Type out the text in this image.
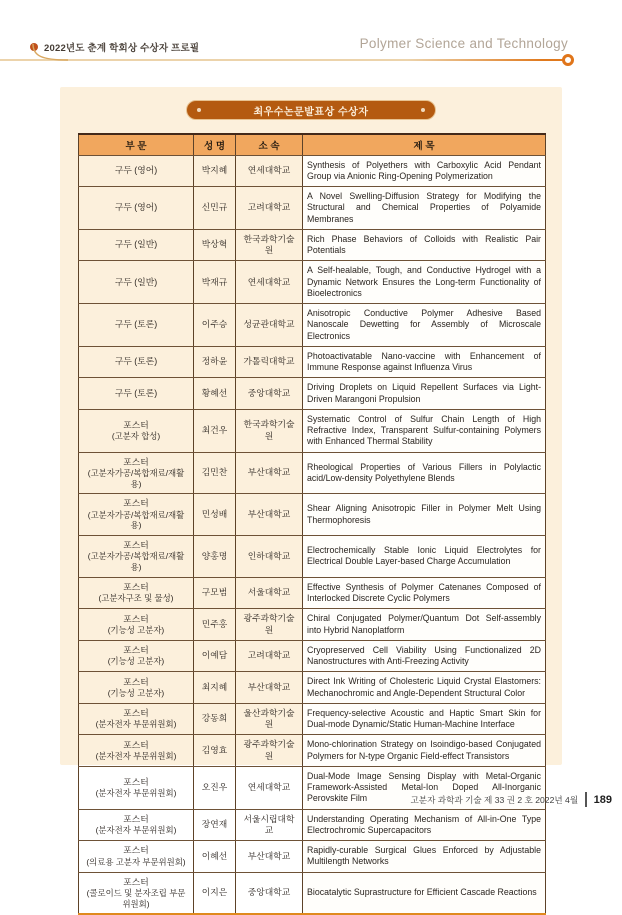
2022년도 춘계 학회상 수상자 프로필	Polymer Science and Technology
최우수논문발표상 수상자
부 문	성 명	소 속	제 목
구두 (영어)	박지혜	연세대학교	Synthesis of Polyethers with Carboxylic Acid Pendant Group via Anionic Ring-Opening Polymerization
구두 (영어)	신민규	고려대학교	A Novel Swelling-Diffusion Strategy for Modifying the Structural and Chemical Properties of Polyamide Membranes
구두 (일반)	박상혁	한국과학기술원	Rich Phase Behaviors of Colloids with Realistic Pair Potentials
구두 (일반)	박재규	연세대학교	A Self-healable, Tough, and Conductive Hydrogel with a Dynamic Network Ensures the Long-term Functionality of Bioelectronics
구두 (토론)	이주승	성균관대학교	Anisotropic Conductive Polymer Adhesive Based Nanoscale Dewetting for Assembly of Microscale Electronics
구두 (토론)	정하윤	가톨릭대학교	Photoactivatable Nano-vaccine with Enhancement of Immune Response against Influenza Virus
구두 (토론)	황혜선	중앙대학교	Driving Droplets on Liquid Repellent Surfaces via Light-Driven Marangoni Propulsion
포스터
(고분자 합성)	최건우	한국과학기술원	Systematic Control of Sulfur Chain Length of High Refractive Index, Transparent Sulfur-containing Polymers with Enhanced Thermal Stability
포스터
(고분자가공/복합재료/재활용)	김민찬	부산대학교	Rheological Properties of Various Fillers in Polylactic acid/Low-density Polyethylene Blends
포스터
(고분자가공/복합재료/재활용)	민성배	부산대학교	Shear Aligning Anisotropic Filler in Polymer Melt Using Thermophoresis
포스터
(고분자가공/복합재료/재활용)	양홍명	인하대학교	Electrochemically Stable Ionic Liquid Electrolytes for Electrical Double Layer-based Charge Accumulation
포스터
(고분자구조 및 물성)	구모범	서울대학교	Effective Synthesis of Polymer Catenanes Composed of Interlocked Discrete Cyclic Polymers
포스터
(기능성 고분자)	민주홍	광주과학기술원	Chiral Conjugated Polymer/Quantum Dot Self-assembly into Hybrid Nanoplatform
포스터
(기능성 고분자)	이예담	고려대학교	Cryopreserved Cell Viability Using Functionalized 2D Nanostructures with Anti-Freezing Activity
포스터
(기능성 고분자)	최지혜	부산대학교	Direct Ink Writing of Cholesteric Liquid Crystal Elastomers: Mechanochromic and Angle-Dependent Structural Color
포스터
(분자전자 부문위원회)	강동희	울산과학기술원	Frequency-selective Acoustic and Haptic Smart Skin for Dual-mode Dynamic/Static Human-Machine Interface
포스터
(분자전자 부문위원회)	김영효	광주과학기술원	Mono-chlorination Strategy on Isoindigo-based Conjugated Polymers for N-type Organic Field-effect Transistors
포스터
(분자전자 부문위원회)	오진우	연세대학교	Dual-Mode Image Sensing Display with Metal-Organic Framework-Assisted Metal-Ion Doped All-Inorganic Perovskite Film
포스터
(분자전자 부문위원회)	장연재	서울시립대학교	Understanding Operating Mechanism of All-in-One Type Electrochromic Supercapacitors
포스터
(의료용 고분자 부문위원회)	이혜선	부산대학교	Rapidly-curable Surgical Glues Enforced by Adjustable Multilength Networks
포스터
(콜로이드 및 분자조립 부문위원회)	이지은	중앙대학교	Biocatalytic Suprastructure for Efficient Cascade Reactions
고분자 과학과 기술 제 33 권 2 호 2022년 4월 189
